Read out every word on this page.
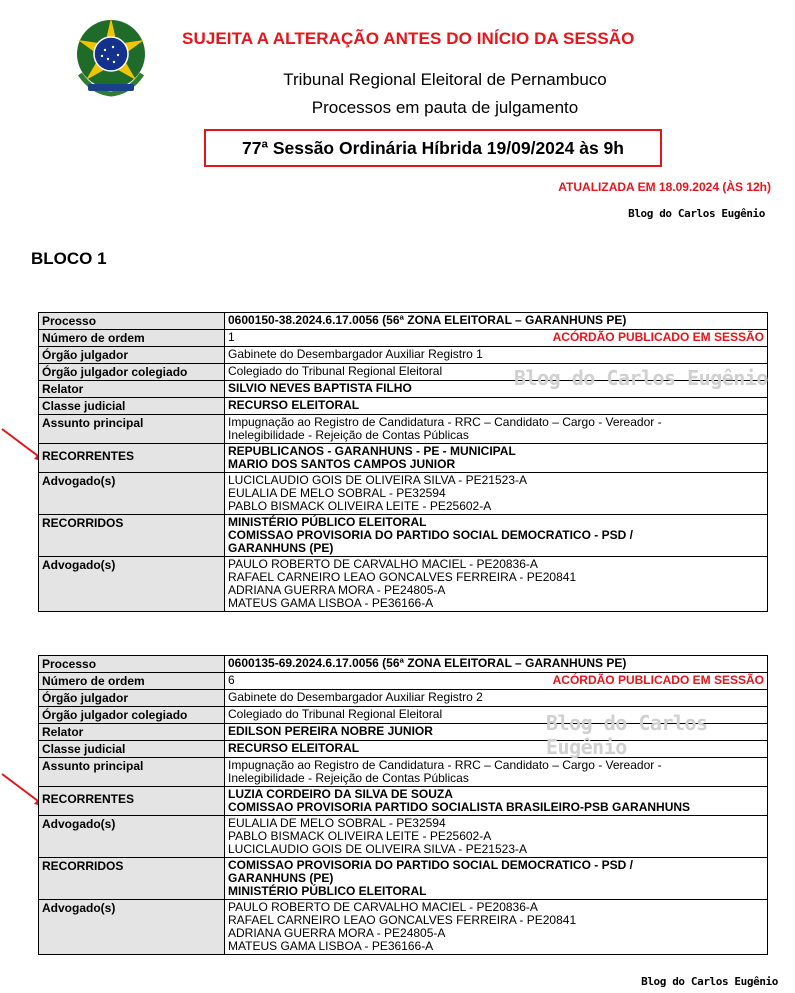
SUJEITA A ALTERAÇÃO ANTES DO INÍCIO DA SESSÃO
Tribunal Regional Eleitoral de Pernambuco
Processos em pauta de julgamento
77ª Sessão Ordinária Híbrida 19/09/2024 às 9h
ATUALIZADA EM 18.09.2024 (ÀS 12h)
Blog do Carlos Eugênio
BLOCO 1
Processo	0600150-38.2024.6.17.0056 (56ª ZONA ELEITORAL – GARANHUNS PE)
Número de ordem	1 ACÓRDÃO PUBLICADO EM SESSÃO

Órgão julgador	Gabinete do Desembargador Auxiliar Registro 1
Órgão julgador colegiado	Colegiado do Tribunal Regional Eleitoral
Relator	SILVIO NEVES BAPTISTA FILHO
Classe judicial	RECURSO ELEITORAL
Assunto principal	Impugnação ao Registro de Candidatura - RRC – Candidato – Cargo - Vereador -
Inelegibilidade - Rejeição de Contas Públicas

RECORRENTES	REPUBLICANOS - GARANHUNS - PE - MUNICIPAL
MARIO DOS SANTOS CAMPOS JUNIOR

Advogado(s)	LUCICLAUDIO GOIS DE OLIVEIRA SILVA - PE21523-A
EULALIA DE MELO SOBRAL - PE32594
PABLO BISMACK OLIVEIRA LEITE - PE25602-A

RECORRIDOS	MINISTÉRIO PÚBLICO ELEITORAL
COMISSAO PROVISORIA DO PARTIDO SOCIAL DEMOCRATICO - PSD /
GARANHUNS (PE)

Advogado(s)	PAULO ROBERTO DE CARVALHO MACIEL - PE20836-A
RAFAEL CARNEIRO LEAO GONCALVES FERREIRA - PE20841
ADRIANA GUERRA MORA - PE24805-A
MATEUS GAMA LISBOA - PE36166-A
Processo	0600135-69.2024.6.17.0056 (56ª ZONA ELEITORAL – GARANHUNS PE)
Número de ordem	6 ACÓRDÃO PUBLICADO EM SESSÃO

Órgão julgador	Gabinete do Desembargador Auxiliar Registro 2
Órgão julgador colegiado	Colegiado do Tribunal Regional Eleitoral
Relator	EDILSON PEREIRA NOBRE JUNIOR
Classe judicial	RECURSO ELEITORAL
Assunto principal	Impugnação ao Registro de Candidatura - RRC – Candidato – Cargo - Vereador -
Inelegibilidade - Rejeição de Contas Públicas

RECORRENTES	LUZIA CORDEIRO DA SILVA DE SOUZA
COMISSAO PROVISORIA PARTIDO SOCIALISTA BRASILEIRO-PSB GARANHUNS

Advogado(s)	EULALIA DE MELO SOBRAL - PE32594
PABLO BISMACK OLIVEIRA LEITE - PE25602-A
LUCICLAUDIO GOIS DE OLIVEIRA SILVA - PE21523-A

RECORRIDOS	COMISSAO PROVISORIA DO PARTIDO SOCIAL DEMOCRATICO - PSD /
GARANHUNS (PE)
MINISTÉRIO PÚBLICO ELEITORAL

Advogado(s)	PAULO ROBERTO DE CARVALHO MACIEL - PE20836-A
RAFAEL CARNEIRO LEAO GONCALVES FERREIRA - PE20841
ADRIANA GUERRA MORA - PE24805-A
MATEUS GAMA LISBOA - PE36166-A
Blog do Carlos Eugênio
Blog do Carlos Eugênio
Blog do Carlos Eugênio
